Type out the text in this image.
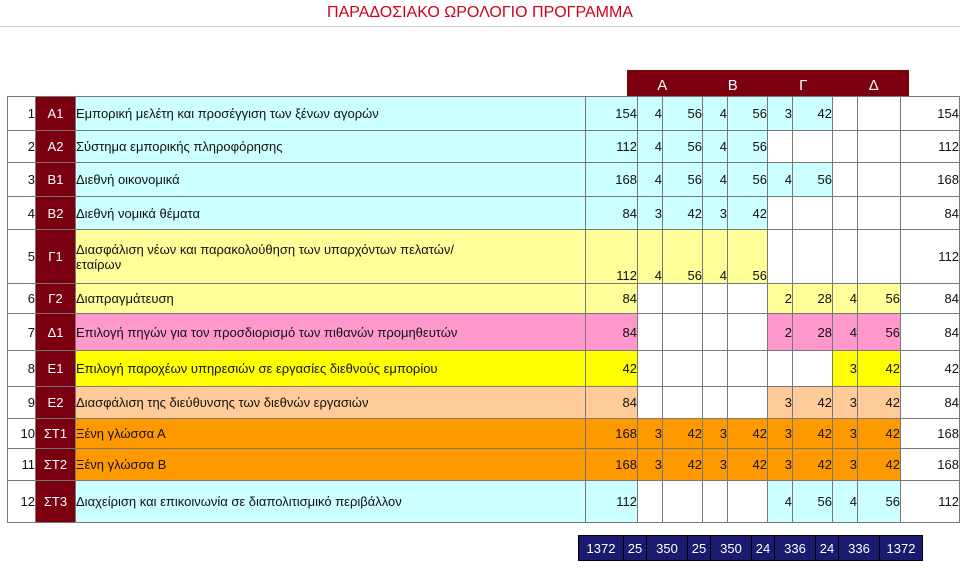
ΠΑΡΑΔΟΣΙΑΚΟ ΩΡΟΛΟΓΙΟ ΠΡΟΓΡΑΜΜΑ
Α	Β	Γ	Δ
1	Α1	Εμπορική μελέτη και προσέγγιση των ξένων αγορών	154	4	56	4	56	3	42			154
2	Α2	Σύστημα εμπορικής πληροφόρησης	112	4	56	4	56					112
3	Β1	Διεθνή οικονομικά	168	4	56	4	56	4	56			168
4	Β2	Διεθνή νομικά θέματα	84	3	42	3	42					84
5	Γ1	Διασφάλιση νέων και παρακολούθηση των υπαρχόντων πελατών/
εταίρων	112	4	56	4	56					112
6	Γ2	Διαπραγμάτευση	84					2	28	4	56	84
7	Δ1	Επιλογή πηγών για τον προσδιορισμό των πιθανών προμηθευτών	84					2	28	4	56	84
8	Ε1	Επιλογή παροχέων υπηρεσιών σε εργασίες διεθνούς εμπορίου	42							3	42	42
9	Ε2	Διασφάλιση της διεύθυνσης των διεθνών εργασιών	84					3	42	3	42	84
10	ΣΤ1	Ξένη γλώσσα Α	168	3	42	3	42	3	42	3	42	168
11	ΣΤ2	Ξένη γλώσσα Β	168	3	42	3	42	3	42	3	42	168
12	ΣΤ3	Διαχείριση και επικοινωνία σε διαπολιτισμικό περιβάλλον	112					4	56	4	56	112
1372	25	350	25	350	24	336	24	336	1372
